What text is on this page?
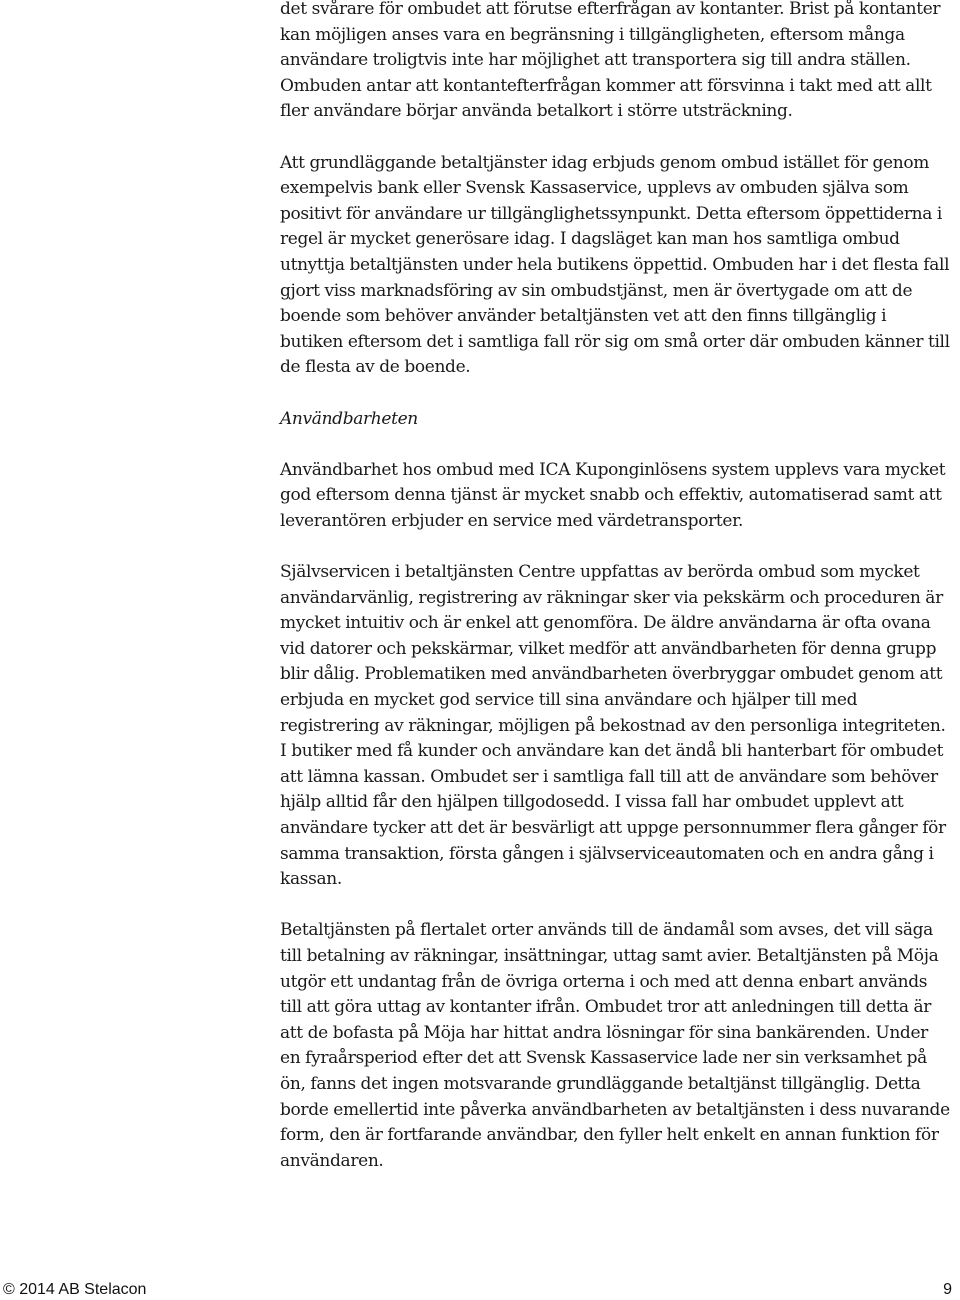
det svårare för ombudet att förutse efterfrågan av kontanter. Brist på kontanter kan möjligen anses vara en begränsning i tillgängligheten, eftersom många användare troligtvis inte har möjlighet att transportera sig till andra ställen. Ombuden antar att kontantefterfrågan kommer att försvinna i takt med att allt fler användare börjar använda betalkort i större utsträckning.

Att grundläggande betaltjänster idag erbjuds genom ombud istället för genom exempelvis bank eller Svensk Kassaservice, upplevs av ombuden själva som positivt för användare ur tillgänglighetssynpunkt. Detta eftersom öppettiderna i regel är mycket generösare idag. I dagsläget kan man hos samtliga ombud utnyttja betaltjänsten under hela butikens öppettid. Ombuden har i det flesta fall gjort viss marknadsföring av sin ombudstjänst, men är övertygade om att de boende som behöver använder betaltjänsten vet att den finns tillgänglig i butiken eftersom det i samtliga fall rör sig om små orter där ombuden känner till de flesta av de boende.

Användbarheten

Användbarhet hos ombud med ICA Kuponginlösens system upplevs vara mycket god eftersom denna tjänst är mycket snabb och effektiv, automatiserad samt att leverantören erbjuder en service med värdetransporter.

Självservicen i betaltjänsten Centre uppfattas av berörda ombud som mycket användarvänlig, registrering av räkningar sker via pekskärm och proceduren är mycket intuitiv och är enkel att genomföra. De äldre användarna är ofta ovana vid datorer och pekskärmar, vilket medför att användbarheten för denna grupp blir dålig. Problematiken med användbarheten överbryggar ombudet genom att erbjuda en mycket god service till sina användare och hjälper till med registrering av räkningar, möjligen på bekostnad av den personliga integriteten. I butiker med få kunder och användare kan det ändå bli hanterbart för ombudet att lämna kassan. Ombudet ser i samtliga fall till att de användare som behöver hjälp alltid får den hjälpen tillgodosedd. I vissa fall har ombudet upplevt att användare tycker att det är besvärligt att uppge personnummer flera gånger för samma transaktion, första gången i självserviceautomaten och en andra gång i kassan.

Betaltjänsten på flertalet orter används till de ändamål som avses, det vill säga till betalning av räkningar, insättningar, uttag samt avier. Betaltjänsten på Möja utgör ett undantag från de övriga orterna i och med att denna enbart används till att göra uttag av kontanter ifrån. Ombudet tror att anledningen till detta är att de bofasta på Möja har hittat andra lösningar för sina bankärenden. Under en fyraårsperiod efter det att Svensk Kassaservice lade ner sin verksamhet på ön, fanns det ingen motsvarande grundläggande betaltjänst tillgänglig. Detta borde emellertid inte påverka användbarheten av betaltjänsten i dess nuvarande form, den är fortfarande användbar, den fyller helt enkelt en annan funktion för användaren.

© 2014 AB Stelacon	9
